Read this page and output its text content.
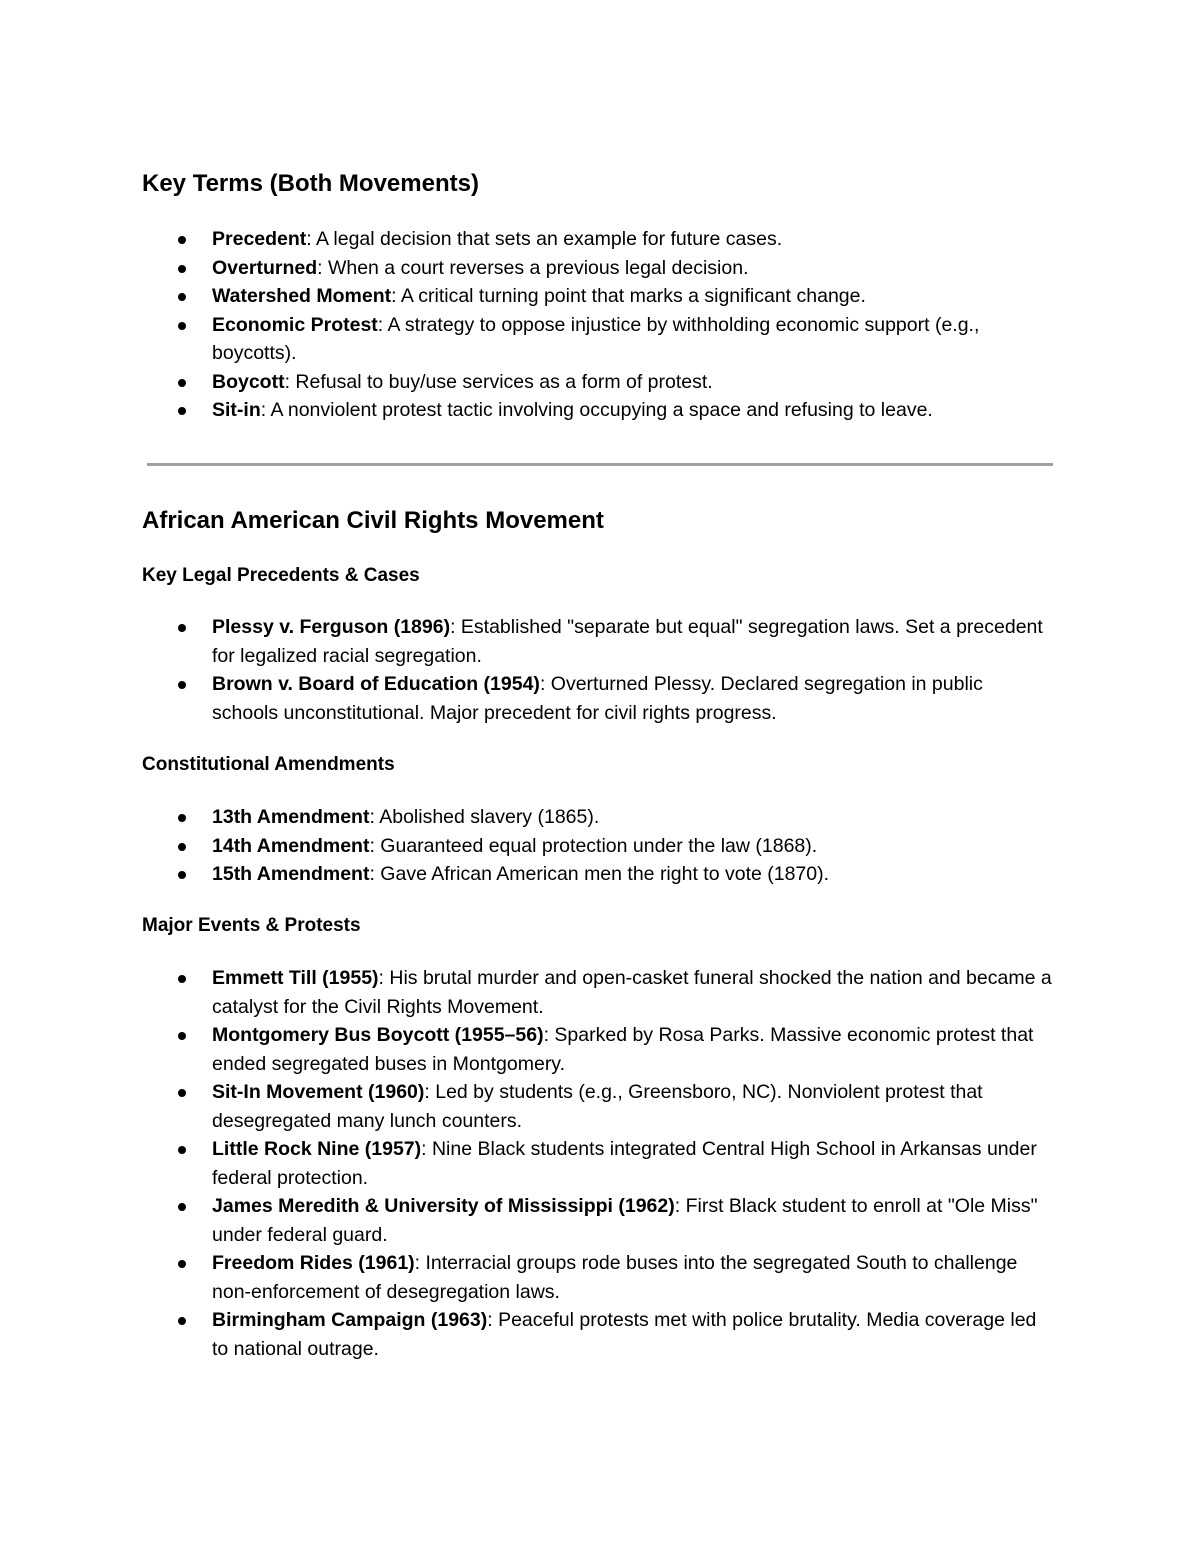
Key Terms (Both Movements)
Precedent: A legal decision that sets an example for future cases.
Overturned: When a court reverses a previous legal decision.
Watershed Moment: A critical turning point that marks a significant change.
Economic Protest: A strategy to oppose injustice by withholding economic support (e.g., boycotts).
Boycott: Refusal to buy/use services as a form of protest.
Sit-in: A nonviolent protest tactic involving occupying a space and refusing to leave.
African American Civil Rights Movement
Key Legal Precedents & Cases
Plessy v. Ferguson (1896): Established "separate but equal" segregation laws. Set a precedent for legalized racial segregation.
Brown v. Board of Education (1954): Overturned Plessy. Declared segregation in public schools unconstitutional. Major precedent for civil rights progress.
Constitutional Amendments
13th Amendment: Abolished slavery (1865).
14th Amendment: Guaranteed equal protection under the law (1868).
15th Amendment: Gave African American men the right to vote (1870).
Major Events & Protests
Emmett Till (1955): His brutal murder and open-casket funeral shocked the nation and became a catalyst for the Civil Rights Movement.
Montgomery Bus Boycott (1955–56): Sparked by Rosa Parks. Massive economic protest that ended segregated buses in Montgomery.
Sit-In Movement (1960): Led by students (e.g., Greensboro, NC). Nonviolent protest that desegregated many lunch counters.
Little Rock Nine (1957): Nine Black students integrated Central High School in Arkansas under federal protection.
James Meredith & University of Mississippi (1962): First Black student to enroll at "Ole Miss" under federal guard.
Freedom Rides (1961): Interracial groups rode buses into the segregated South to challenge non-enforcement of desegregation laws.
Birmingham Campaign (1963): Peaceful protests met with police brutality. Media coverage led to national outrage.
